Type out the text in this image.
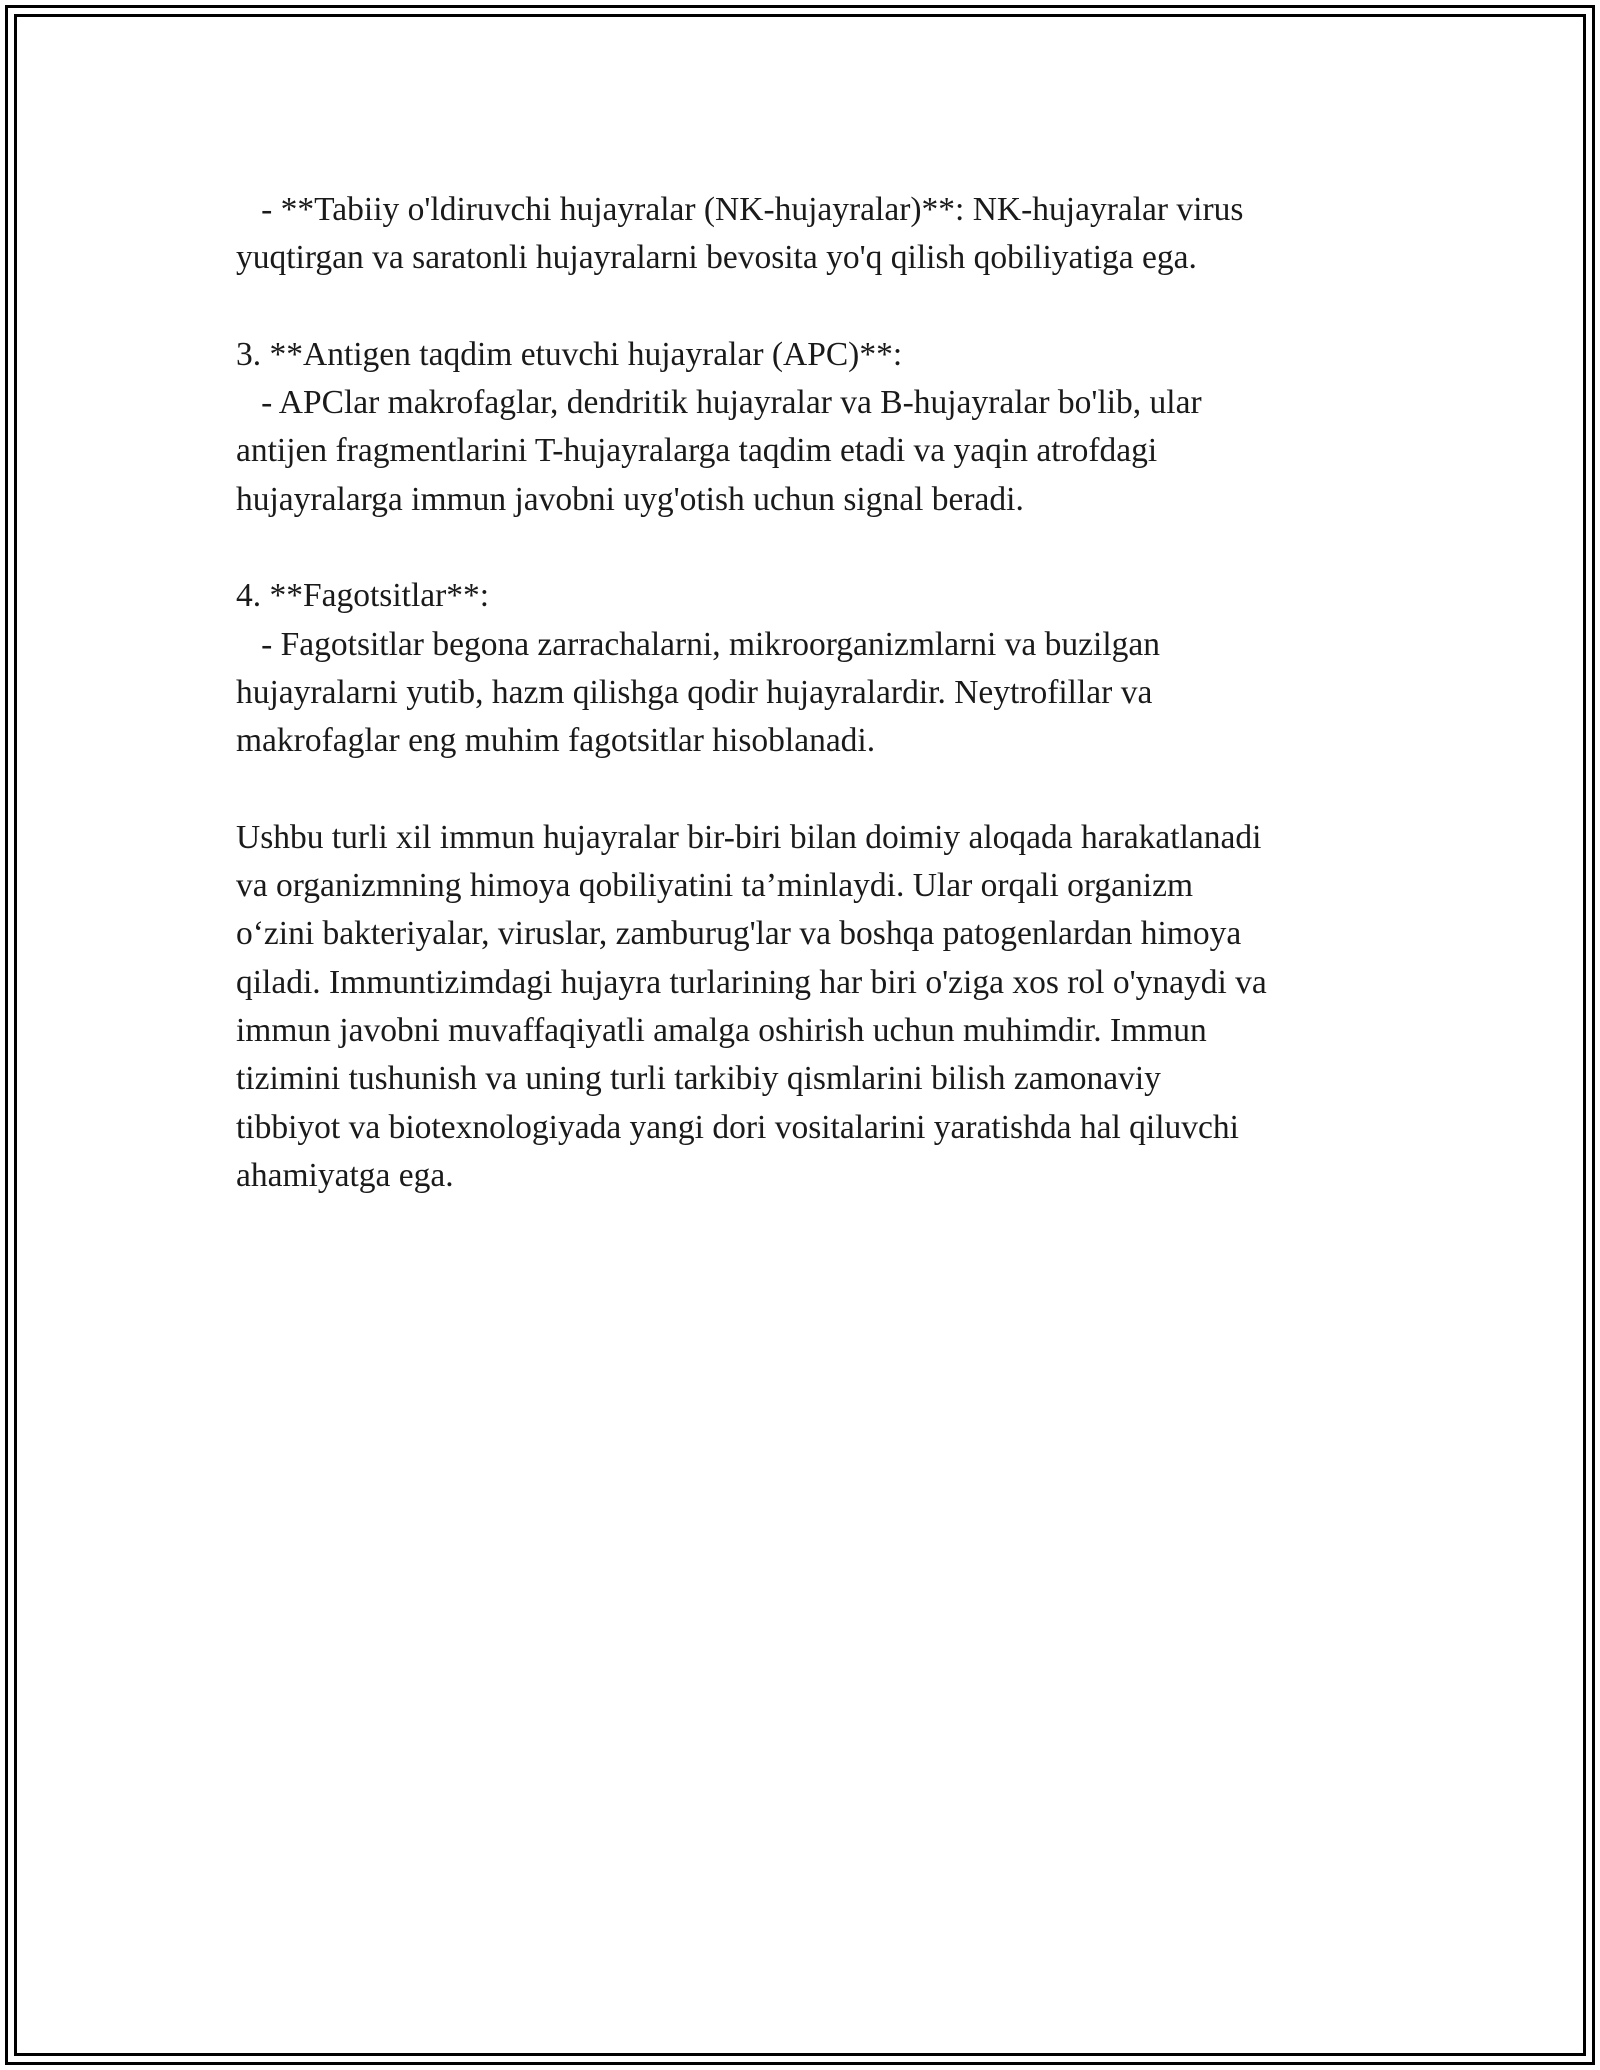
- **Tabiiy o'ldiruvchi hujayralar (NK-hujayralar)**: NK-hujayralar virus
yuqtirgan va saratonli hujayralarni bevosita yo'q qilish qobiliyatiga ega.
3. **Antigen taqdim etuvchi hujayralar (APC)**:
- APClar makrofaglar, dendritik hujayralar va B-hujayralar bo'lib, ular
antijen fragmentlarini T-hujayralarga taqdim etadi va yaqin atrofdagi
hujayralarga immun javobni uyg'otish uchun signal beradi.
4. **Fagotsitlar**:
- Fagotsitlar begona zarrachalarni, mikroorganizmlarni va buzilgan
hujayralarni yutib, hazm qilishga qodir hujayralardir. Neytrofillar va
makrofaglar eng muhim fagotsitlar hisoblanadi.
Ushbu turli xil immun hujayralar bir-biri bilan doimiy aloqada harakatlanadi
va organizmning himoya qobiliyatini ta’minlaydi. Ular orqali organizm
o‘zini bakteriyalar, viruslar, zamburug'lar va boshqa patogenlardan himoya
qiladi. Immuntizimdagi hujayra turlarining har biri o'ziga xos rol o'ynaydi va
immun javobni muvaffaqiyatli amalga oshirish uchun muhimdir. Immun
tizimini tushunish va uning turli tarkibiy qismlarini bilish zamonaviy
tibbiyot va biotexnologiyada yangi dori vositalarini yaratishda hal qiluvchi
ahamiyatga ega.
